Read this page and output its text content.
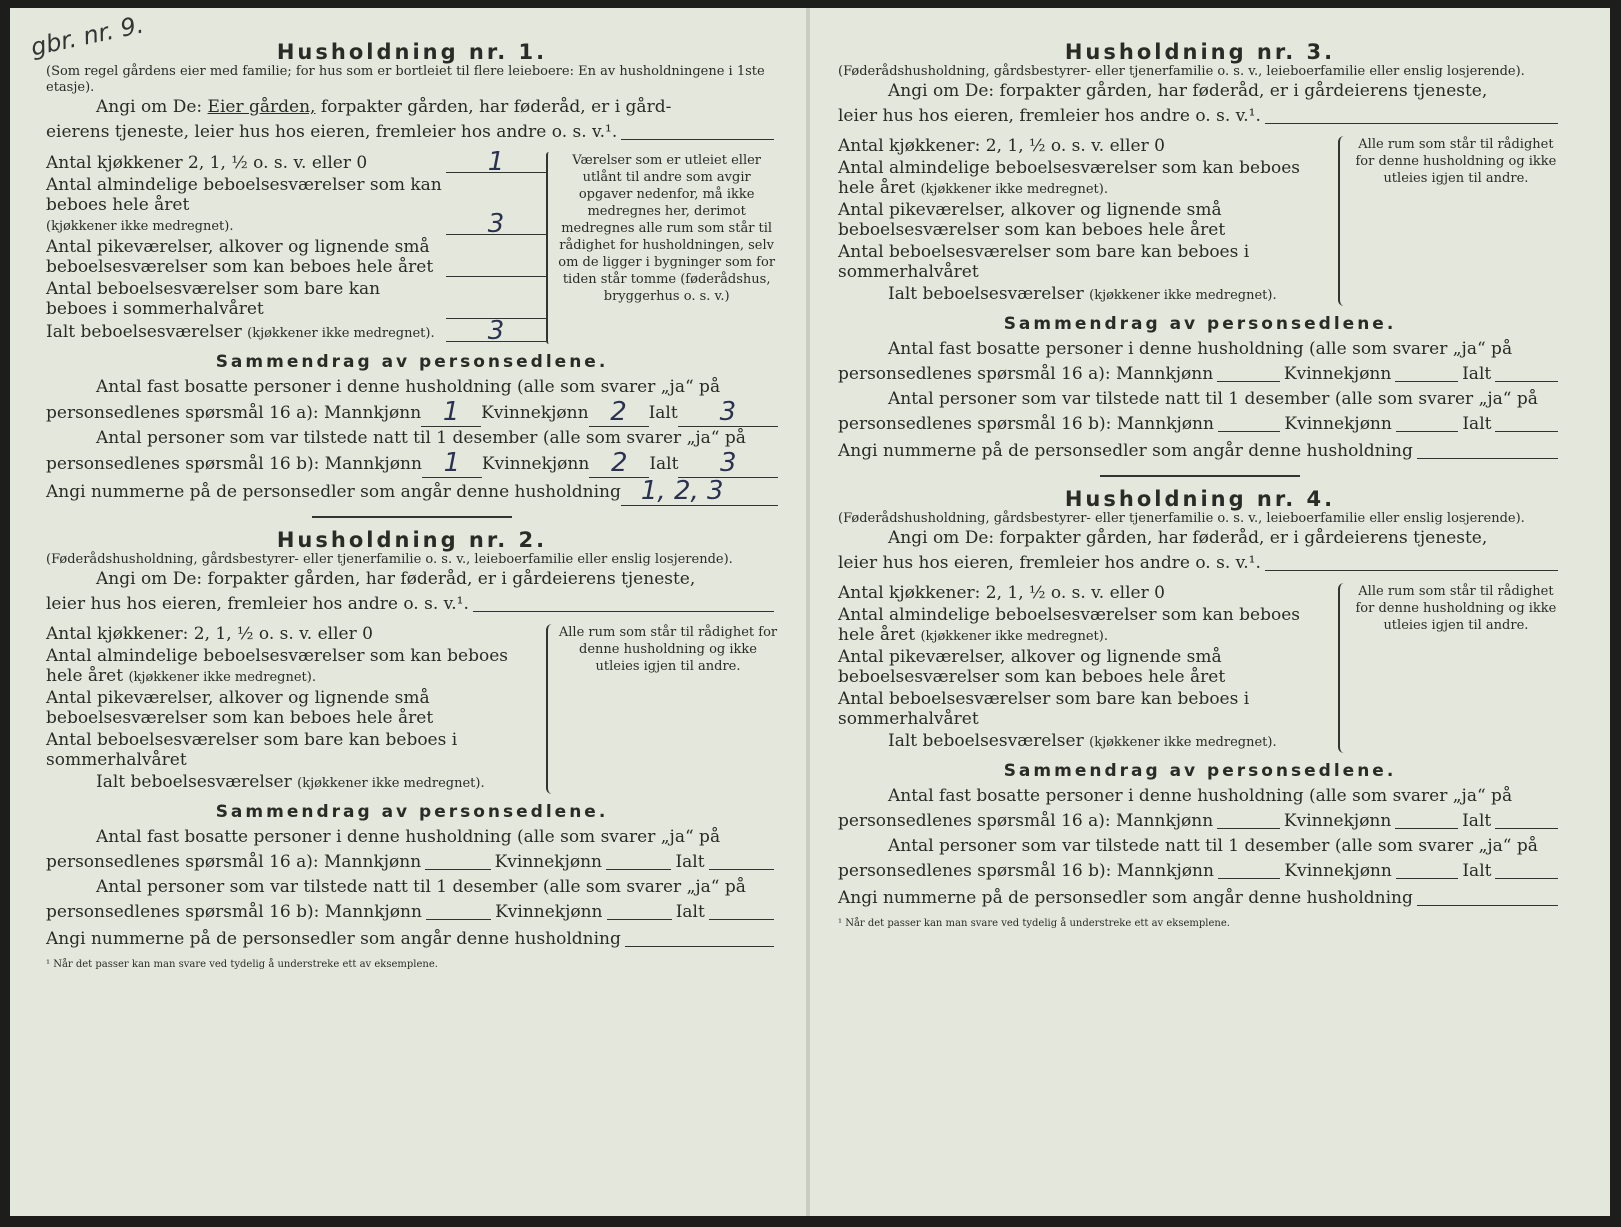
gbr. nr. 9.	Husholdning nr. 1.
(Som regel gårdens eier med familie; for hus som er bortleiet til flere leieboere: En av husholdningene i 1ste etasje).
Angi om De: Eier gården, forpakter gården, har føderåd, er i gård-
eierens tjeneste, leier hus hos eieren, fremleier hos andre o. s. v.¹.
Antal kjøkkener 2, 1, ½ o. s. v. eller 0	1
Antal almindelige beboelsesværelser som kan beboes hele året
(kjøkkener ikke medregnet).	3
Antal pikeværelser, alkover og lignende små beboelsesværelser som kan beboes hele året
Antal beboelsesværelser som bare kan beboes i sommerhalvåret
Ialt beboelsesværelser (kjøkkener ikke medregnet).	3
Værelser som er utleiet eller utlånt til andre som avgir opgaver nedenfor, må ikke medregnes her, derimot medregnes alle rum som står til rådighet for husholdningen, selv om de ligger i bygninger som for tiden står tomme (føderådshus, bryggerhus o. s. v.)
Sammendrag av personsedlene.
Antal fast bosatte personer i denne husholdning (alle som svarer „ja“ på
personsedlenes spørsmål 16 a): Mannkjønn 1	Kvinnekjønn 2	Ialt	3
Antal personer som var tilstede natt til 1 desember (alle som svarer „ja“ på
personsedlenes spørsmål 16 b): Mannkjønn 1	Kvinnekjønn 2	Ialt	3
Angi nummerne på de personsedler som angår denne husholdning 1, 2, 3
Husholdning nr. 2.
(Føderådshusholdning, gårdsbestyrer- eller tjenerfamilie o. s. v., leieboerfamilie eller enslig losjerende).
Angi om De: forpakter gården, har føderåd, er i gårdeierens tjeneste,
leier hus hos eieren, fremleier hos andre o. s. v.¹.
Antal kjøkkener: 2, 1, ½ o. s. v. eller 0
Antal almindelige beboelsesværelser som kan beboes hele året (kjøkkener ikke medregnet).
Antal pikeværelser, alkover og lignende små beboelsesværelser som kan beboes hele året
Antal beboelsesværelser som bare kan beboes i sommerhalvåret
Ialt beboelsesværelser (kjøkkener ikke medregnet).
Alle rum som står til rådighet for denne husholdning og ikke utleies igjen til andre.
Sammendrag av personsedlene.
Antal fast bosatte personer i denne husholdning (alle som svarer „ja“ på
personsedlenes spørsmål 16 a): Mannkjønn	Kvinnekjønn	Ialt
Antal personer som var tilstede natt til 1 desember (alle som svarer „ja“ på
personsedlenes spørsmål 16 b): Mannkjønn	Kvinnekjønn	Ialt
Angi nummerne på de personsedler som angår denne husholdning
¹ Når det passer kan man svare ved tydelig å understreke ett av eksemplene.
Husholdning nr. 3.
(Føderådshusholdning, gårdsbestyrer- eller tjenerfamilie o. s. v., leieboerfamilie eller enslig losjerende).
Angi om De: forpakter gården, har føderåd, er i gårdeierens tjeneste,
leier hus hos eieren, fremleier hos andre o. s. v.¹.
Antal kjøkkener: 2, 1, ½ o. s. v. eller 0
Antal almindelige beboelsesværelser som kan beboes hele året (kjøkkener ikke medregnet).
Antal pikeværelser, alkover og lignende små beboelsesværelser som kan beboes hele året
Antal beboelsesværelser som bare kan beboes i sommerhalvåret
Ialt beboelsesværelser (kjøkkener ikke medregnet).
Alle rum som står til rådighet for denne husholdning og ikke utleies igjen til andre.
Sammendrag av personsedlene.
Antal fast bosatte personer i denne husholdning (alle som svarer „ja“ på
personsedlenes spørsmål 16 a): Mannkjønn	Kvinnekjønn	Ialt
Antal personer som var tilstede natt til 1 desember (alle som svarer „ja“ på
personsedlenes spørsmål 16 b): Mannkjønn	Kvinnekjønn	Ialt
Angi nummerne på de personsedler som angår denne husholdning
Husholdning nr. 4.
(Føderådshusholdning, gårdsbestyrer- eller tjenerfamilie o. s. v., leieboerfamilie eller enslig losjerende).
Angi om De: forpakter gården, har føderåd, er i gårdeierens tjeneste,
leier hus hos eieren, fremleier hos andre o. s. v.¹.
Antal kjøkkener: 2, 1, ½ o. s. v. eller 0
Antal almindelige beboelsesværelser som kan beboes hele året (kjøkkener ikke medregnet).
Antal pikeværelser, alkover og lignende små beboelsesværelser som kan beboes hele året
Antal beboelsesværelser som bare kan beboes i sommerhalvåret
Ialt beboelsesværelser (kjøkkener ikke medregnet).
Alle rum som står til rådighet for denne husholdning og ikke utleies igjen til andre.
Sammendrag av personsedlene.
Antal fast bosatte personer i denne husholdning (alle som svarer „ja“ på
personsedlenes spørsmål 16 a): Mannkjønn	Kvinnekjønn	Ialt
Antal personer som var tilstede natt til 1 desember (alle som svarer „ja“ på
personsedlenes spørsmål 16 b): Mannkjønn	Kvinnekjønn	Ialt
Angi nummerne på de personsedler som angår denne husholdning
¹ Når det passer kan man svare ved tydelig å understreke ett av eksemplene.
